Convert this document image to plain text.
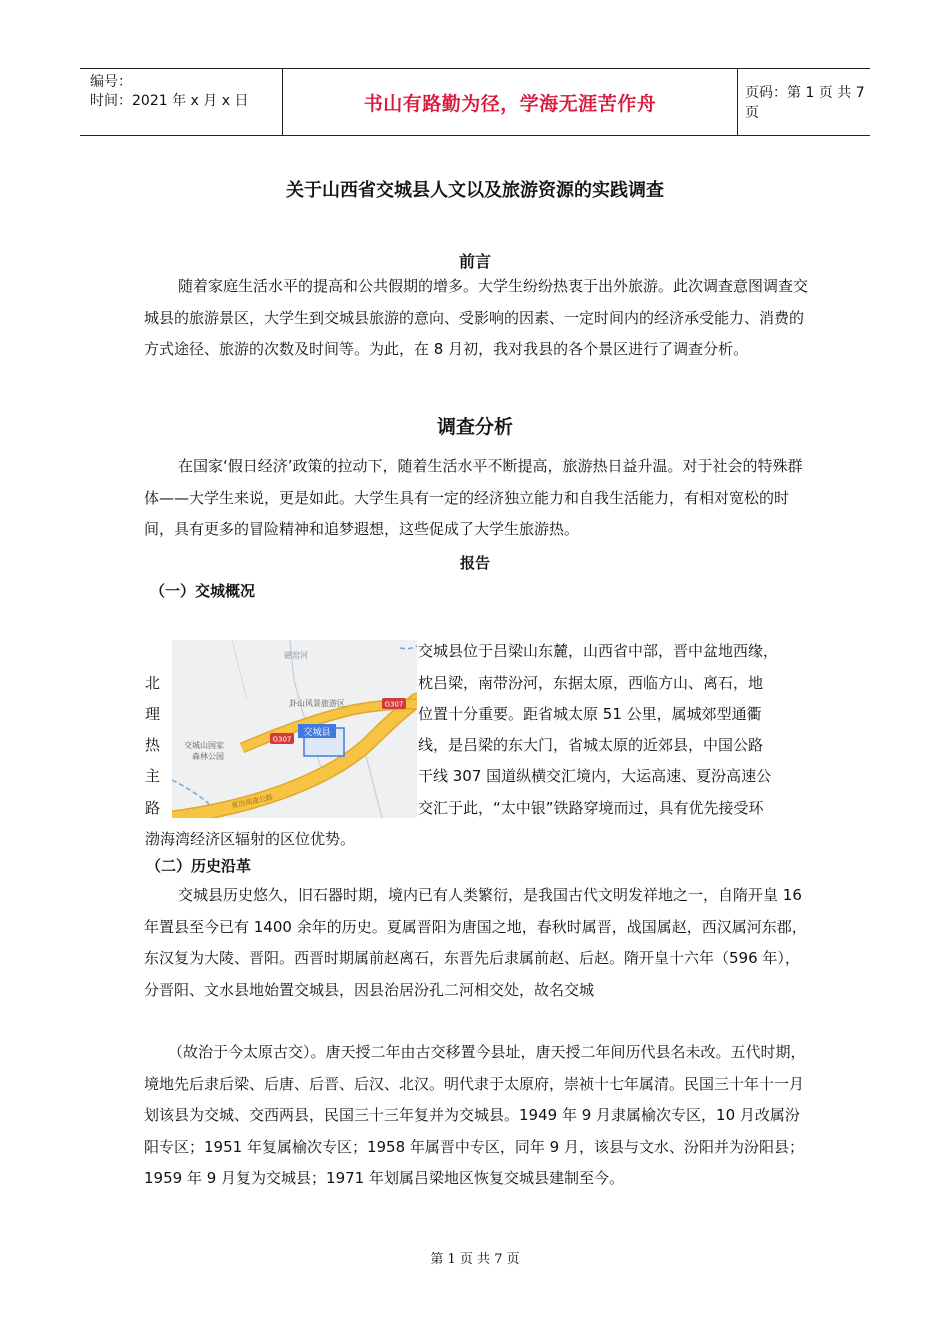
编号：
时间：2021 年 x 月 x 日	书山有路勤为径，学海无涯苦作舟	页码：第 1 页 共 7 页
关于山西省交城县人文以及旅游资源的实践调查
前言

随着家庭生活水平的提高和公共假期的增多。大学生纷纷热衷于出外旅游。此次调查意图调查交城县的旅游景区，大学生到交城县旅游的意向、受影响的因素、一定时间内的经济承受能力、消费的方式途径、旅游的次数及时间等。为此，在 8 月初，我对我县的各个景区进行了调查分析。

调查分析

在国家‘假日经济’政策的拉动下，随着生活水平不断提高，旅游热日益升温。对于社会的特殊群体——大学生来说，更是如此。大学生具有一定的经济独立能力和自我生活能力，有相对宽松的时间，具有更多的冒险精神和追梦遐想，这些促成了大学生旅游热。

报告
（一）交城概况
交城县位于吕梁山东麓，山西省中部，晋中盆地西缘，
北	枕吕梁，南带汾河，东据太原，西临方山、离石，地
理	位置十分重要。距省城太原 51 公里，属城郊型通衢
热	线，是吕梁的东大门，省城太原的近郊县，中国公路
主	干线 307 国道纵横交汇境内，大运高速、夏汾高速公
路	交汇于此，“太中银”铁路穿境而过，具有优先接受环
渤海湾经济区辐射的区位优势。
交城县
G307
G307
卦山风景旅游区
磁窑河
交城山国家
森林公园
夏汾高速公路
（二）历史沿革

交城县历史悠久，旧石器时期，境内已有人类繁衍，是我国古代文明发祥地之一，自隋开皇 16 年置县至今已有 1400 余年的历史。夏属晋阳为唐国之地，春秋时属晋，战国属赵，西汉属河东郡，东汉复为大陵、晋阳。西晋时期属前赵离石，东晋先后隶属前赵、后赵。隋开皇十六年（596 年），分晋阳、文水县地始置交城县，因县治居汾孔二河相交处，故名交城

（故治于今太原古交）。唐天授二年由古交移置今县址，唐天授二年间历代县名未改。五代时期，境地先后隶后梁、后唐、后晋、后汉、北汉。明代隶于太原府，崇祯十七年属清。民国三十年十一月划该县为交城、交西两县，民国三十三年复并为交城县。1949 年 9 月隶属榆次专区，10 月改属汾阳专区；1951 年复属榆次专区；1958 年属晋中专区，同年 9 月，该县与文水、汾阳并为汾阳县；1959 年 9 月复为交城县；1971 年划属吕梁地区恢复交城县建制至今。

第 1 页 共 7 页
